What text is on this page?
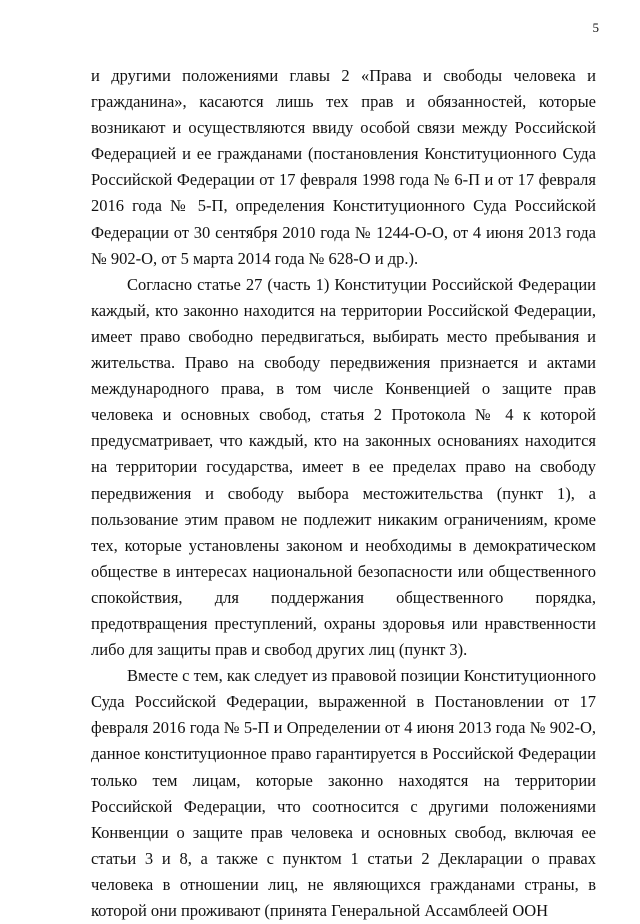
5

и другими положениями главы 2 «Права и свободы человека и гражданина», касаются лишь тех прав и обязанностей, которые возникают и осуществляются ввиду особой связи между Российской Федерацией и ее гражданами (постановления Конституционного Суда Российской Федерации от 17 февраля 1998 года № 6-П и от 17 февраля 2016 года № 5-П, определения Конституционного Суда Российской Федерации от 30 сентября 2010 года № 1244-О-О, от 4 июня 2013 года № 902-О, от 5 марта 2014 года № 628-О и др.).

Согласно статье 27 (часть 1) Конституции Российской Федерации каждый, кто законно находится на территории Российской Федерации, имеет право свободно передвигаться, выбирать место пребывания и жительства. Право на свободу передвижения признается и актами международного права, в том числе Конвенцией о защите прав человека и основных свобод, статья 2 Протокола № 4 к которой предусматривает, что каждый, кто на законных основаниях находится на территории государства, имеет в ее пределах право на свободу передвижения и свободу выбора местожительства (пункт 1), а пользование этим правом не подлежит никаким ограничениям, кроме тех, которые установлены законом и необходимы в демократическом обществе в интересах национальной безопасности или общественного спокойствия, для поддержания общественного порядка, предотвращения преступлений, охраны здоровья или нравственности либо для защиты прав и свобод других лиц (пункт 3).

Вместе с тем, как следует из правовой позиции Конституционного Суда Российской Федерации, выраженной в Постановлении от 17 февраля 2016 года № 5-П и Определении от 4 июня 2013 года № 902-О, данное конституционное право гарантируется в Российской Федерации только тем лицам, которые законно находятся на территории Российской Федерации, что соотносится с другими положениями Конвенции о защите прав человека и основных свобод, включая ее статьи 3 и 8, а также с пунктом 1 статьи 2 Декларации о правах человека в отношении лиц, не являющихся гражданами страны, в которой они проживают (принята Генеральной Ассамблеей ООН
